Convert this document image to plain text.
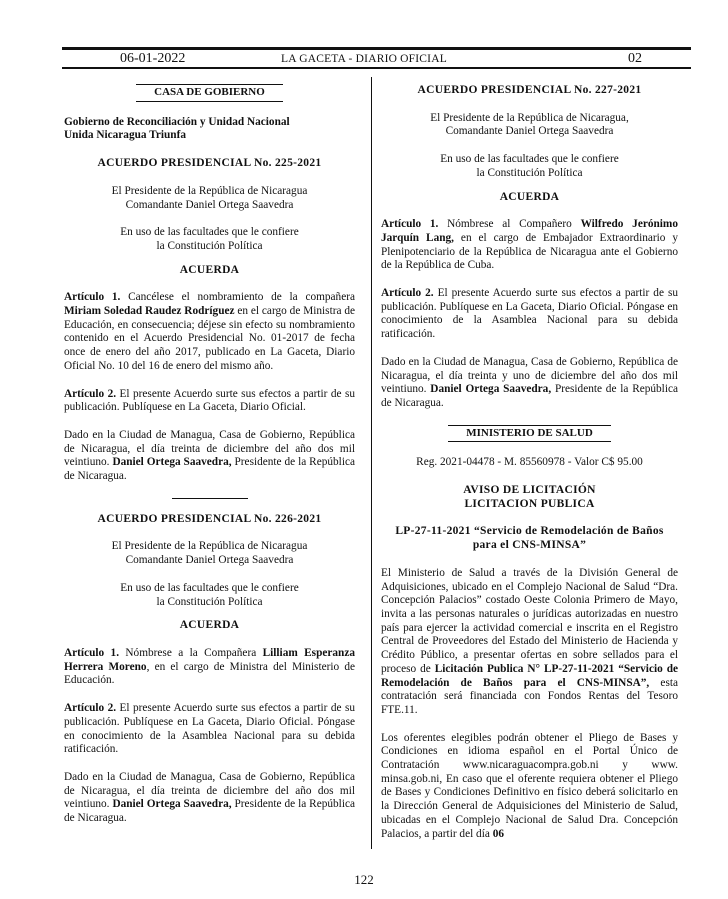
06-01-2022	LA GACETA - DIARIO OFICIAL	02
CASA DE GOBIERNO

Gobierno de Reconciliación y Unidad Nacional

Unida Nicaragua Triunfa

ACUERDO PRESIDENCIAL No. 225-2021

El Presidente de la República de Nicaragua

Comandante Daniel Ortega Saavedra

En uso de las facultades que le confiere

la Constitución Política

ACUERDA

Artículo 1. Cancélese el nombramiento de la compañera Miriam Soledad Raudez Rodríguez en el cargo de Ministra de Educación, en consecuencia; déjese sin efecto su nombramiento contenido en el Acuerdo Presidencial No. 01-2017 de fecha once de enero del año 2017, publicado en La Gaceta, Diario Oficial No. 10 del 16 de enero del mismo año.

Artículo 2. El presente Acuerdo surte sus efectos a partir de su publicación. Publíquese en La Gaceta, Diario Oficial.

Dado en la Ciudad de Managua, Casa de Gobierno, República de Nicaragua, el día treinta de diciembre del año dos mil veintiuno. Daniel Ortega Saavedra, Presidente de la República de Nicaragua.

ACUERDO PRESIDENCIAL No. 226-2021

El Presidente de la República de Nicaragua

Comandante Daniel Ortega Saavedra

En uso de las facultades que le confiere

la Constitución Política

ACUERDA

Artículo 1. Nómbrese a la Compañera Lilliam Esperanza Herrera Moreno, en el cargo de Ministra del Ministerio de Educación.

Artículo 2. El presente Acuerdo surte sus efectos a partir de su publicación. Publíquese en La Gaceta, Diario Oficial. Póngase en conocimiento de la Asamblea Nacional para su debida ratificación.

Dado en la Ciudad de Managua, Casa de Gobierno, República de Nicaragua, el día treinta de diciembre del año dos mil veintiuno. Daniel Ortega Saavedra, Presidente de la República de Nicaragua.

ACUERDO PRESIDENCIAL No. 227-2021

El Presidente de la República de Nicaragua,

Comandante Daniel Ortega Saavedra

En uso de las facultades que le confiere

la Constitución Política

ACUERDA

Artículo 1. Nómbrese al Compañero Wilfredo Jerónimo Jarquín Lang, en el cargo de Embajador Extraordinario y Plenipotenciario de la República de Nicaragua ante el Gobierno de la República de Cuba.

Artículo 2. El presente Acuerdo surte sus efectos a partir de su publicación. Publíquese en La Gaceta, Diario Oficial. Póngase en conocimiento de la Asamblea Nacional para su debida ratificación.

Dado en la Ciudad de Managua, Casa de Gobierno, República de Nicaragua, el día treinta y uno de diciembre del año dos mil veintiuno. Daniel Ortega Saavedra, Presidente de la República de Nicaragua.

MINISTERIO DE SALUD

Reg. 2021-04478 - M. 85560978 - Valor C$ 95.00

AVISO DE LICITACIÓN

LICITACION PUBLICA

LP-27-11-2021 “Servicio de Remodelación de Baños

para el CNS-MINSA”

El Ministerio de Salud a través de la División General de Adquisiciones, ubicado en el Complejo Nacional de Salud “Dra. Concepción Palacios” costado Oeste Colonia Primero de Mayo, invita a las personas naturales o jurídicas autorizadas en nuestro país para ejercer la actividad comercial e inscrita en el Registro Central de Proveedores del Estado del Ministerio de Hacienda y Crédito Público, a presentar ofertas en sobre sellados para el proceso de Licitación Publica N° LP-27-11-2021 “Servicio de Remodelación de Baños para el CNS-MINSA”, esta contratación será financiada con Fondos Rentas del Tesoro FTE.11.

Los oferentes elegibles podrán obtener el Pliego de Bases y Condiciones en idioma español en el Portal Único de Contratación www.nicaraguacompra.gob.ni y www. minsa.gob.ni, En caso que el oferente requiera obtener el Pliego de Bases y Condiciones Definitivo en físico deberá solicitarlo en la Dirección General de Adquisiciones del Ministerio de Salud, ubicadas en el Complejo Nacional de Salud Dra. Concepción Palacios, a partir del día 06

122
